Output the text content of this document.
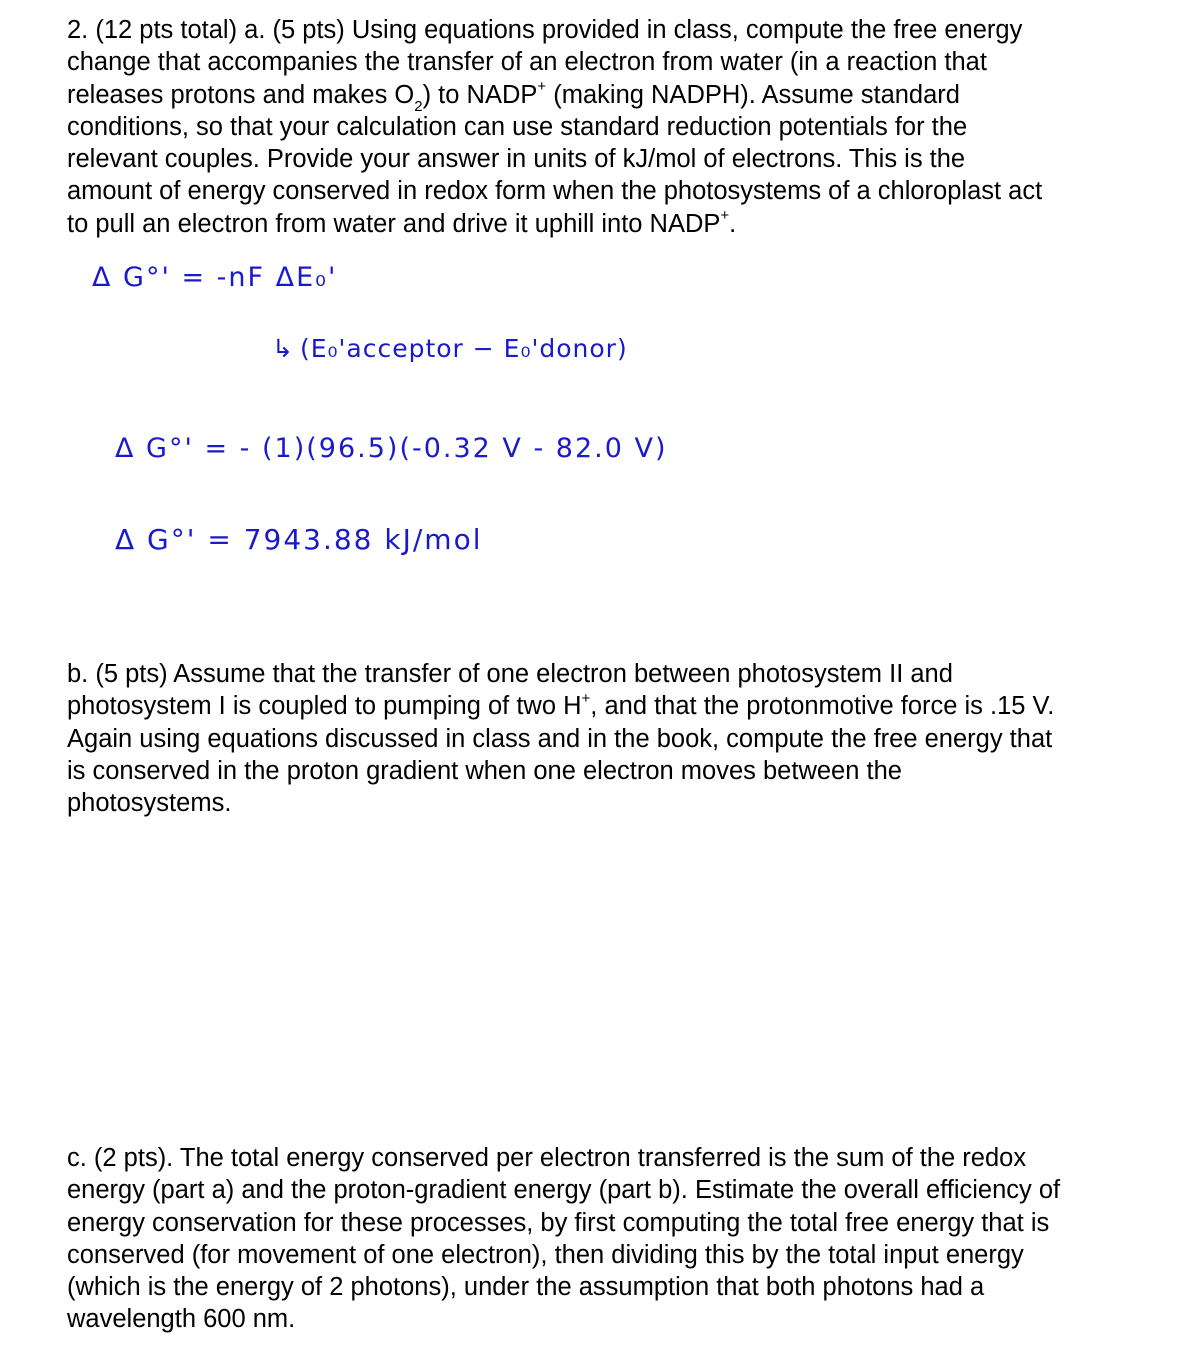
2. (12 pts total) a. (5 pts) Using equations provided in class, compute the free energy
change that accompanies the transfer of an electron from water (in a reaction that
releases protons and makes $O_2$) to NADP+ (making NADPH). Assume standard
conditions, so that your calculation can use standard reduction potentials for the
relevant couples. Provide your answer in units of kJ/mol of electrons. This is the
amount of energy conserved in redox form when the photosystems of a chloroplast act
to pull an electron from water and drive it uphill into NADP+.
Δ G°' = -nF ΔE₀'
↳ (E₀'acceptor − E₀'donor)
Δ G°' = - (1)(96.5)(-0.32 V - 82.0 V)
Δ G°' = 7943.88 kJ/mol
b. (5 pts) Assume that the transfer of one electron between photosystem II and
photosystem I is coupled to pumping of two H+, and that the protonmotive force is .15 V.
Again using equations discussed in class and in the book, compute the free energy that
is conserved in the proton gradient when one electron moves between the
photosystems.
c. (2 pts). The total energy conserved per electron transferred is the sum of the redox
energy (part a) and the proton-gradient energy (part b). Estimate the overall efficiency of
energy conservation for these processes, by first computing the total free energy that is
conserved (for movement of one electron), then dividing this by the total input energy
(which is the energy of 2 photons), under the assumption that both photons had a
wavelength 600 nm.
